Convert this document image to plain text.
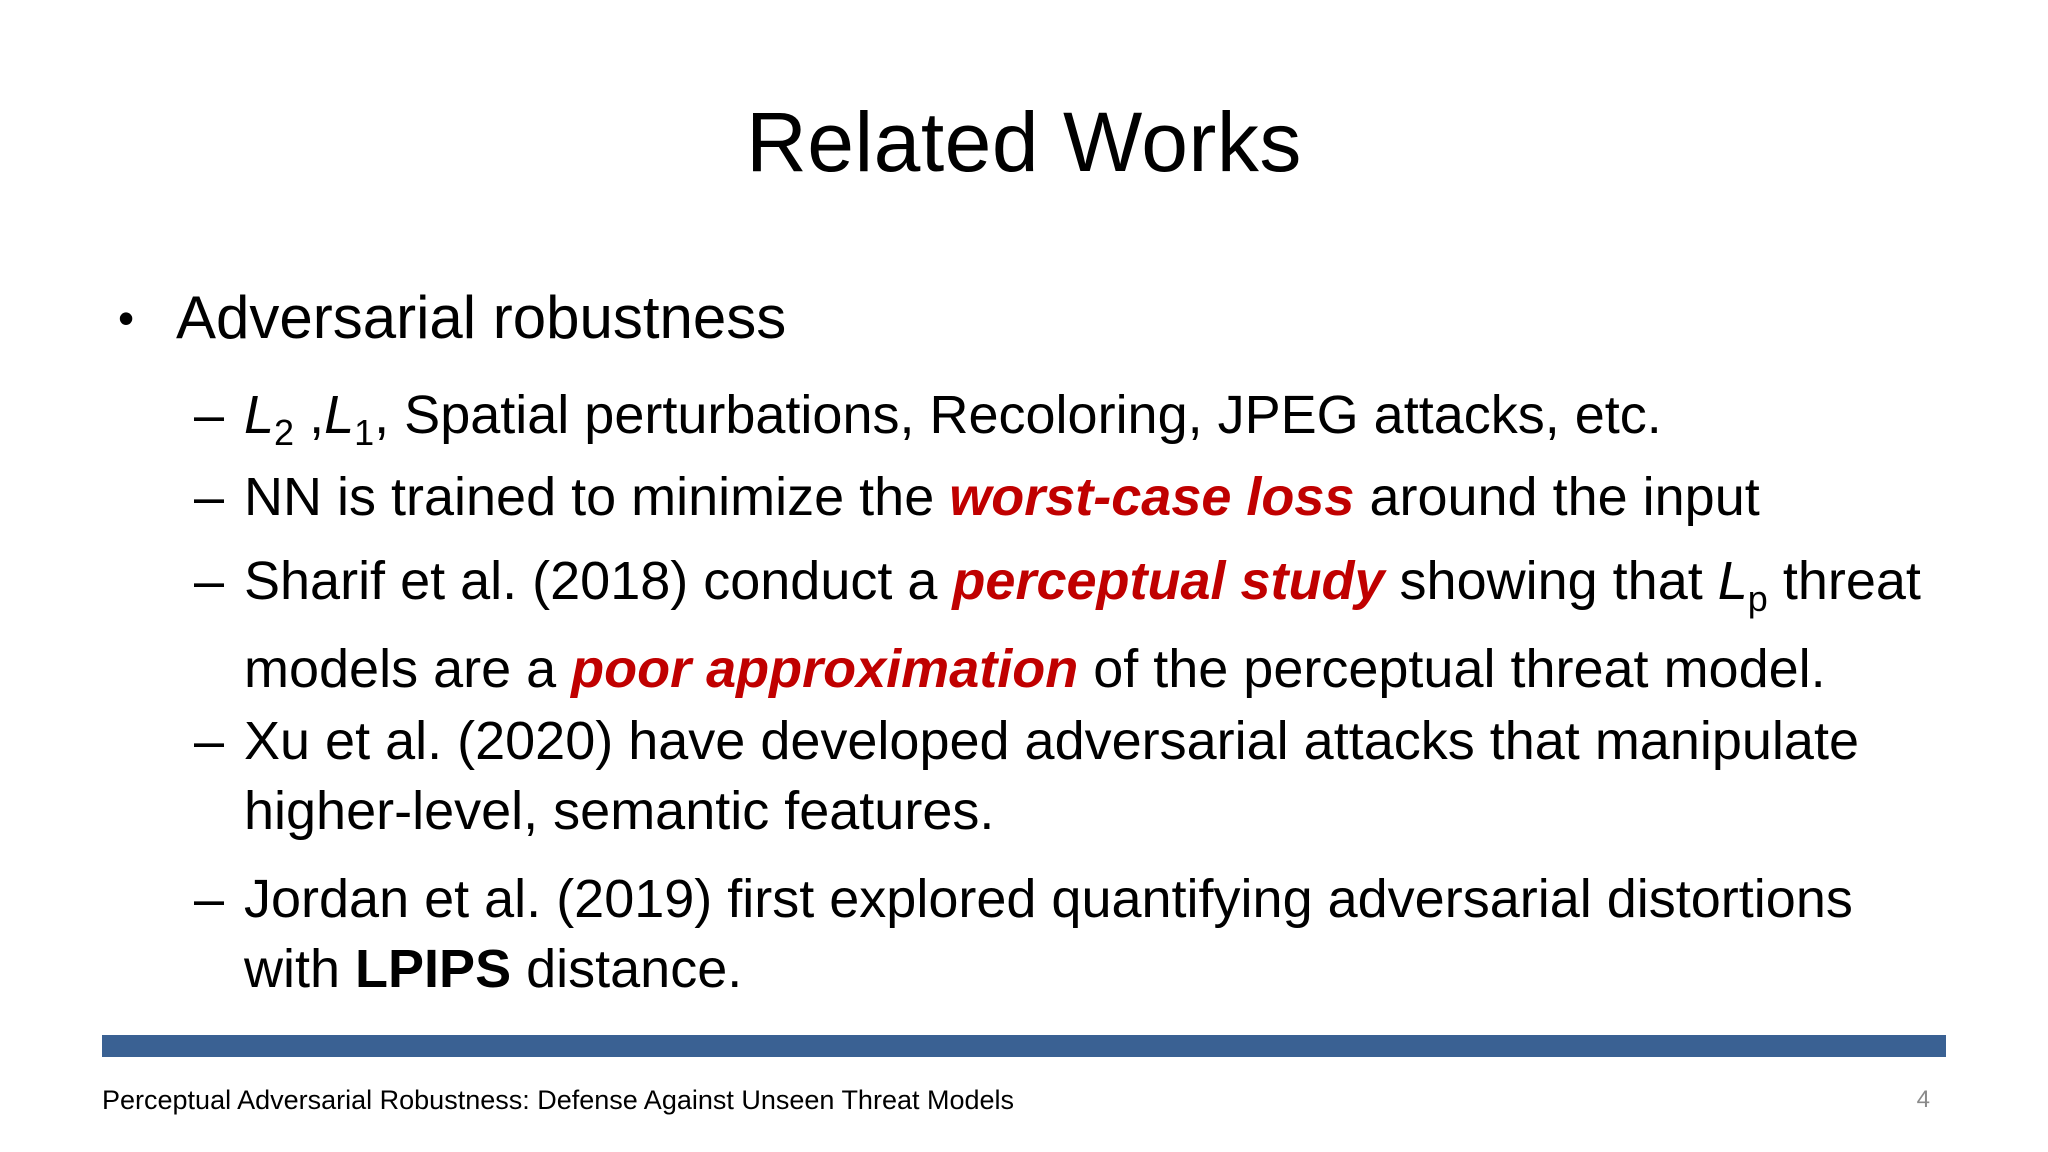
Related Works
• Adversarial robustness
– $L_2$ $,L_1$, Spatial perturbations, Recoloring, JPEG attacks, etc.
– NN is trained to minimize the worst-case loss around the input
– Sharif et al. (2018) conduct a perceptual study showing that $L_p$ threat
models are a poor approximation of the perceptual threat model.
– Xu et al. (2020) have developed adversarial attacks that manipulate
higher-level, semantic features.
– Jordan et al. (2019) first explored quantifying adversarial distortions
with LPIPS distance.
Perceptual Adversarial Robustness: Defense Against Unseen Threat Models	4
